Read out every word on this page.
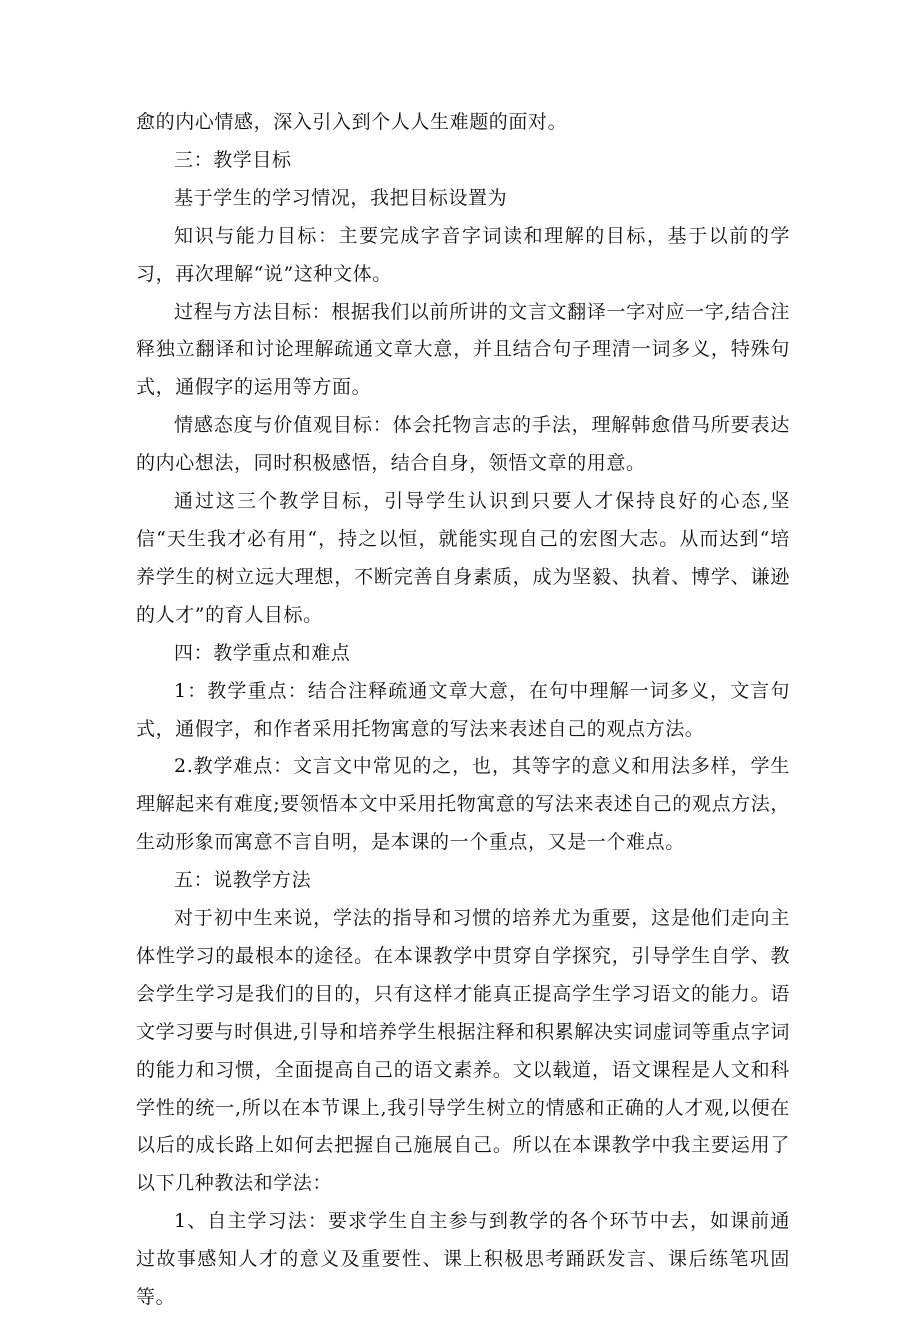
愈的内心情感，深入引入到个人人生难题的面对。

三：教学目标

基于学生的学习情况，我把目标设置为

知识与能力目标：主要完成字音字词读和理解的目标，基于以前的学习，再次理解“说”这种文体。

过程与方法目标：根据我们以前所讲的文言文翻译一字对应一字,结合注释独立翻译和讨论理解疏通文章大意，并且结合句子理清一词多义，特殊句式，通假字的运用等方面。

情感态度与价值观目标：体会托物言志的手法，理解韩愈借马所要表达的内心想法，同时积极感悟，结合自身，领悟文章的用意。

通过这三个教学目标，引导学生认识到只要人才保持良好的心态,坚信“天生我才必有用“，持之以恒，就能实现自己的宏图大志。从而达到“培养学生的树立远大理想，不断完善自身素质，成为坚毅、执着、博学、谦逊的人才”的育人目标。

四：教学重点和难点

1：教学重点：结合注释疏通文章大意，在句中理解一词多义，文言句式，通假字，和作者采用托物寓意的写法来表述自己的观点方法。

2.教学难点：文言文中常见的之，也，其等字的意义和用法多样，学生理解起来有难度;要领悟本文中采用托物寓意的写法来表述自己的观点方法，生动形象而寓意不言自明，是本课的一个重点，又是一个难点。

五：说教学方法

对于初中生来说，学法的指导和习惯的培养尤为重要，这是他们走向主体性学习的最根本的途径。在本课教学中贯穿自学探究，引导学生自学、教会学生学习是我们的目的，只有这样才能真正提高学生学习语文的能力。语文学习要与时俱进,引导和培养学生根据注释和积累解决实词虚词等重点字词的能力和习惯，全面提高自己的语文素养。文以载道，语文课程是人文和科学性的统一,所以在本节课上,我引导学生树立的情感和正确的人才观,以便在以后的成长路上如何去把握自己施展自己。所以在本课教学中我主要运用了以下几种教法和学法：

1、自主学习法：要求学生自主参与到教学的各个环节中去，如课前通过故事感知人才的意义及重要性、课上积极思考踊跃发言、课后练笔巩固等。
